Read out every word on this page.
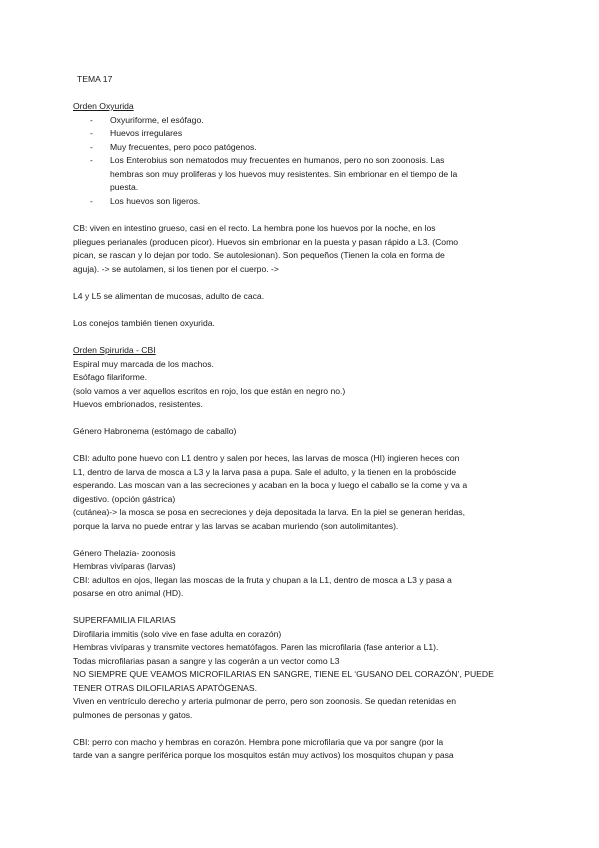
TEMA 17
Orden Oxyurida
- Oxyuriforme, el esófago.
- Huevos irregulares
- Muy frecuentes, pero poco patógenos.
- Los Enterobius son nematodos muy frecuentes en humanos, pero no son zoonosis. Las
hembras son muy proliferas y los huevos muy resistentes. Sin embrionar en el tiempo de la
puesta.
- Los huevos son ligeros.
CB: viven en intestino grueso, casi en el recto. La hembra pone los huevos por la noche, en los
pliegues perianales (producen picor). Huevos sin embrionar en la puesta y pasan rápido a L3. (Como
pican, se rascan y lo dejan por todo. Se autolesionan). Son pequeños (Tienen la cola en forma de
aguja). -> se autolamen, si los tienen por el cuerpo. ->
L4 y L5 se alimentan de mucosas, adulto de caca.
Los conejos también tienen oxyurida.
Orden Spirurida - CBI
Espiral muy marcada de los machos.
Esófago filariforme.
(solo vamos a ver aquellos escritos en rojo, los que están en negro no.)
Huevos embrionados, resistentes.
Género Habronema (estómago de caballo)
CBI: adulto pone huevo con L1 dentro y salen por heces, las larvas de mosca (HI) ingieren heces con
L1, dentro de larva de mosca a L3 y la larva pasa a pupa. Sale el adulto, y la tienen en la probóscide
esperando. Las moscan van a las secreciones y acaban en la boca y luego el caballo se la come y va a
digestivo. (opción gástrica)
(cutánea)-> la mosca se posa en secreciones y deja depositada la larva. En la piel se generan heridas,
porque la larva no puede entrar y las larvas se acaban muriendo (son autolimitantes).
Género Thelazia- zoonosis
Hembras vivíparas (larvas)
CBI: adultos en ojos, llegan las moscas de la fruta y chupan a la L1, dentro de mosca a L3 y pasa a
posarse en otro animal (HD).
SUPERFAMILIA FILARIAS
Dirofilaria immitis (solo vive en fase adulta en corazón)
Hembras vivíparas y transmite vectores hematófagos. Paren las microfilaria (fase anterior a L1).
Todas microfilarias pasan a sangre y las cogerán a un vector como L3
NO SIEMPRE QUE VEAMOS MICROFILARIAS EN SANGRE, TIENE EL ‘GUSANO DEL CORAZÓN’, PUEDE
TENER OTRAS DILOFILARIAS APATÓGENAS.
Viven en ventrículo derecho y arteria pulmonar de perro, pero son zoonosis. Se quedan retenidas en
pulmones de personas y gatos.
CBI: perro con macho y hembras en corazón. Hembra pone microfilaria que va por sangre (por la
tarde van a sangre periférica porque los mosquitos están muy activos) los mosquitos chupan y pasa
